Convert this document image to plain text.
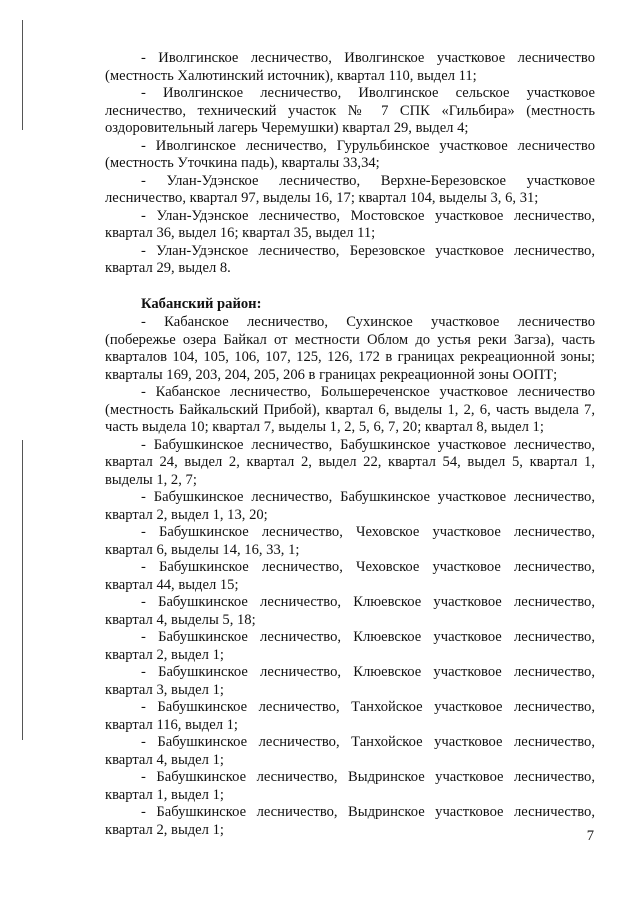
- Иволгинское лесничество, Иволгинское участковое лесничество (местность Халютинский источник), квартал 110, выдел 11;

- Иволгинское лесничество, Иволгинское сельское участковое лесничество, технический участок № 7 СПК «Гильбира» (местность оздоровительный лагерь Черемушки) квартал 29, выдел 4;

- Иволгинское лесничество, Гурульбинское участковое лесничество (местность Уточкина падь), кварталы 33,34;

- Улан-Удэнское лесничество, Верхне-Березовское участковое лесничество, квартал 97, выделы 16, 17; квартал 104, выделы 3, 6, 31;

- Улан-Удэнское лесничество, Мостовское участковое лесничество, квартал 36, выдел 16; квартал 35, выдел 11;

- Улан-Удэнское лесничество, Березовское участковое лесничество, квартал 29, выдел 8.

Кабанский район:

- Кабанское лесничество, Сухинское участковое лесничество (побережье озера Байкал от местности Облом до устья реки Загза), часть кварталов 104, 105, 106, 107, 125, 126, 172 в границах рекреационной зоны; кварталы 169, 203, 204, 205, 206 в границах рекреационной зоны ООПТ;

- Кабанское лесничество, Большереченское участковое лесничество (местность Байкальский Прибой), квартал 6, выделы 1, 2, 6, часть выдела 7, часть выдела 10; квартал 7, выделы 1, 2, 5, 6, 7, 20; квартал 8, выдел 1;

- Бабушкинское лесничество, Бабушкинское участковое лесничество, квартал 24, выдел 2, квартал 2, выдел 22, квартал 54, выдел 5, квартал 1, выделы 1, 2, 7;

- Бабушкинское лесничество, Бабушкинское участковое лесничество, квартал 2, выдел 1, 13, 20;

- Бабушкинское лесничество, Чеховское участковое лесничество, квартал 6, выделы 14, 16, 33, 1;

- Бабушкинское лесничество, Чеховское участковое лесничество, квартал 44, выдел 15;

- Бабушкинское лесничество, Клюевское участковое лесничество, квартал 4, выделы 5, 18;

- Бабушкинское лесничество, Клюевское участковое лесничество, квартал 2, выдел 1;

- Бабушкинское лесничество, Клюевское участковое лесничество, квартал 3, выдел 1;

- Бабушкинское лесничество, Танхойское участковое лесничество, квартал 116, выдел 1;

- Бабушкинское лесничество, Танхойское участковое лесничество, квартал 4, выдел 1;

- Бабушкинское лесничество, Выдринское участковое лесничество, квартал 1, выдел 1;

- Бабушкинское лесничество, Выдринское участковое лесничество, квартал 2, выдел 1;	7
